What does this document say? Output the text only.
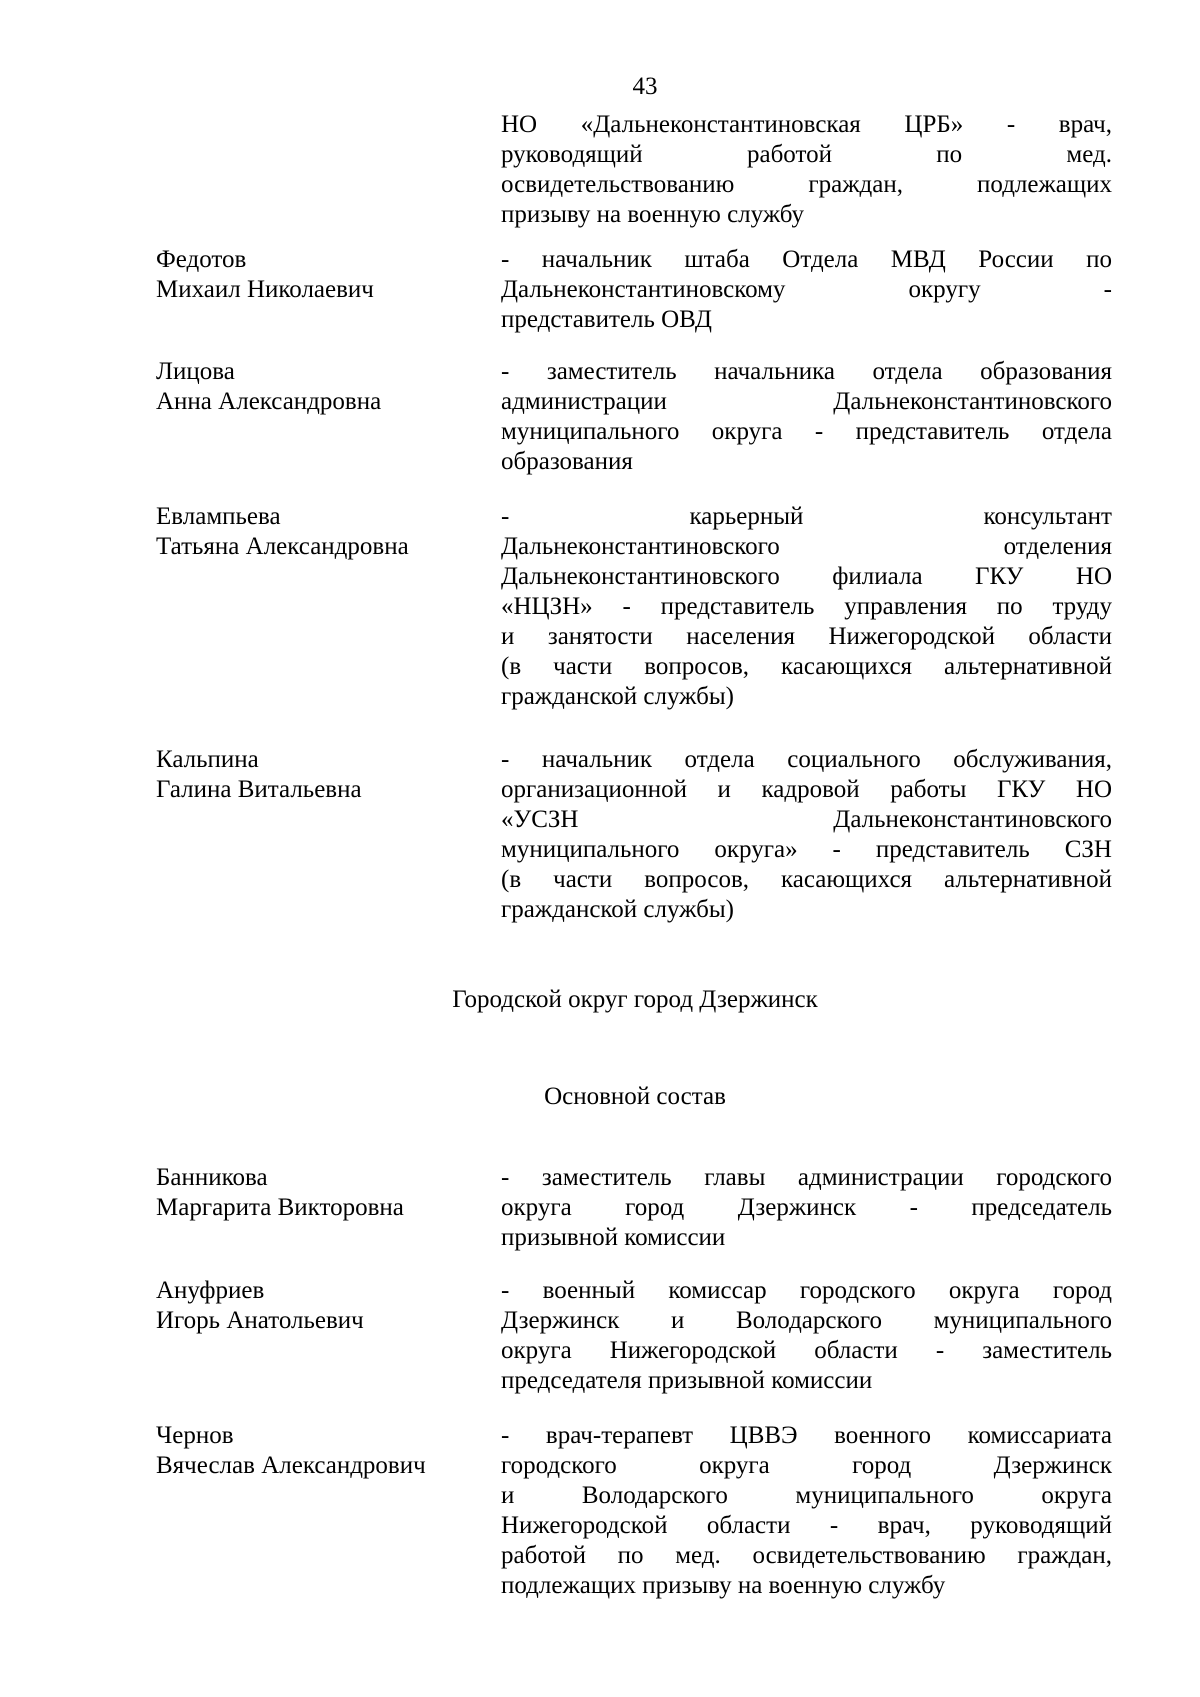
43
НО «Дальнеконстантиновская ЦРБ» - врач,
руководящий работой по мед.
освидетельствованию граждан, подлежащих
призыву на военную службу
Федотов
Михаил Николаевич
- начальник штаба Отдела МВД России по
Дальнеконстантиновскому округу -
представитель ОВД
Лицова
Анна Александровна
- заместитель начальника отдела образования
администрации Дальнеконстантиновского
муниципального округа - представитель отдела
образования
Евлампьева
Татьяна Александровна
- карьерный консультант
Дальнеконстантиновского отделения
Дальнеконстантиновского филиала ГКУ НО
«НЦЗН» - представитель управления по труду
и занятости населения Нижегородской области
(в части вопросов, касающихся альтернативной
гражданской службы)
Кальпина
Галина Витальевна
- начальник отдела социального обслуживания,
организационной и кадровой работы ГКУ НО
«УСЗН Дальнеконстантиновского
муниципального округа» - представитель СЗН
(в части вопросов, касающихся альтернативной
гражданской службы)
Городской округ город Дзержинск
Основной состав
Банникова
Маргарита Викторовна
- заместитель главы администрации городского
округа город Дзержинск - председатель
призывной комиссии
Ануфриев
Игорь Анатольевич
- военный комиссар городского округа город
Дзержинск и Володарского муниципального
округа Нижегородской области - заместитель
председателя призывной комиссии
Чернов
Вячеслав Александрович
- врач-терапевт ЦВВЭ военного комиссариата
городского округа город Дзержинск
и Володарского муниципального округа
Нижегородской области - врач, руководящий
работой по мед. освидетельствованию граждан,
подлежащих призыву на военную службу
